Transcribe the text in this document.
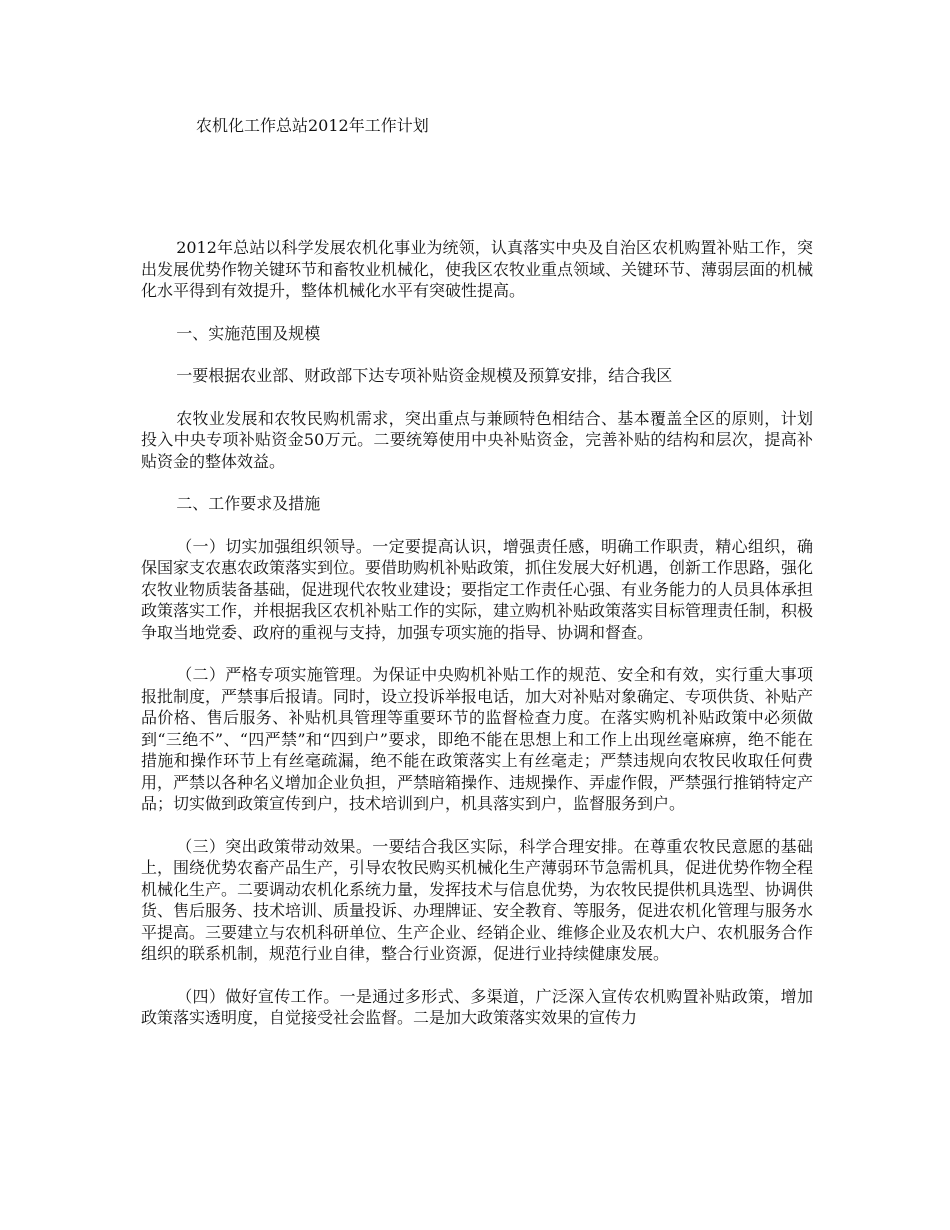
农机化工作总站2012年工作计划

2012年总站以科学发展农机化事业为统领，认真落实中央及自治区农机购置补贴工作，突出发展优势作物关键环节和畜牧业机械化，使我区农牧业重点领域、关键环节、薄弱层面的机械化水平得到有效提升，整体机械化水平有突破性提高。

一、实施范围及规模

一要根据农业部、财政部下达专项补贴资金规模及预算安排，结合我区

农牧业发展和农牧民购机需求，突出重点与兼顾特色相结合、基本覆盖全区的原则，计划投入中央专项补贴资金50万元。二要统筹使用中央补贴资金，完善补贴的结构和层次，提高补贴资金的整体效益。

二、工作要求及措施

（一）切实加强组织领导。一定要提高认识，增强责任感，明确工作职责，精心组织，确保国家支农惠农政策落实到位。要借助购机补贴政策，抓住发展大好机遇，创新工作思路，强化农牧业物质装备基础，促进现代农牧业建设；要指定工作责任心强、有业务能力的人员具体承担政策落实工作，并根据我区农机补贴工作的实际，建立购机补贴政策落实目标管理责任制，积极争取当地党委、政府的重视与支持，加强专项实施的指导、协调和督查。

（二）严格专项实施管理。为保证中央购机补贴工作的规范、安全和有效，实行重大事项报批制度，严禁事后报请。同时，设立投诉举报电话，加大对补贴对象确定、专项供货、补贴产品价格、售后服务、补贴机具管理等重要环节的监督检查力度。在落实购机补贴政策中必须做到“三绝不”、“四严禁”和“四到户”要求，即绝不能在思想上和工作上出现丝毫麻痹，绝不能在措施和操作环节上有丝毫疏漏，绝不能在政策落实上有丝毫走；严禁违规向农牧民收取任何费用，严禁以各种名义增加企业负担，严禁暗箱操作、违规操作、弄虚作假，严禁强行推销特定产品；切实做到政策宣传到户，技术培训到户，机具落实到户，监督服务到户。

（三）突出政策带动效果。一要结合我区实际，科学合理安排。在尊重农牧民意愿的基础上，围绕优势农畜产品生产，引导农牧民购买机械化生产薄弱环节急需机具，促进优势作物全程机械化生产。二要调动农机化系统力量，发挥技术与信息优势，为农牧民提供机具选型、协调供货、售后服务、技术培训、质量投诉、办理牌证、安全教育、等服务，促进农机化管理与服务水平提高。三要建立与农机科研单位、生产企业、经销企业、维修企业及农机大户、农机服务合作组织的联系机制，规范行业自律，整合行业资源，促进行业持续健康发展。

（四）做好宣传工作。一是通过多形式、多渠道，广泛深入宣传农机购置补贴政策，增加政策落实透明度，自觉接受社会监督。二是加大政策落实效果的宣传力
